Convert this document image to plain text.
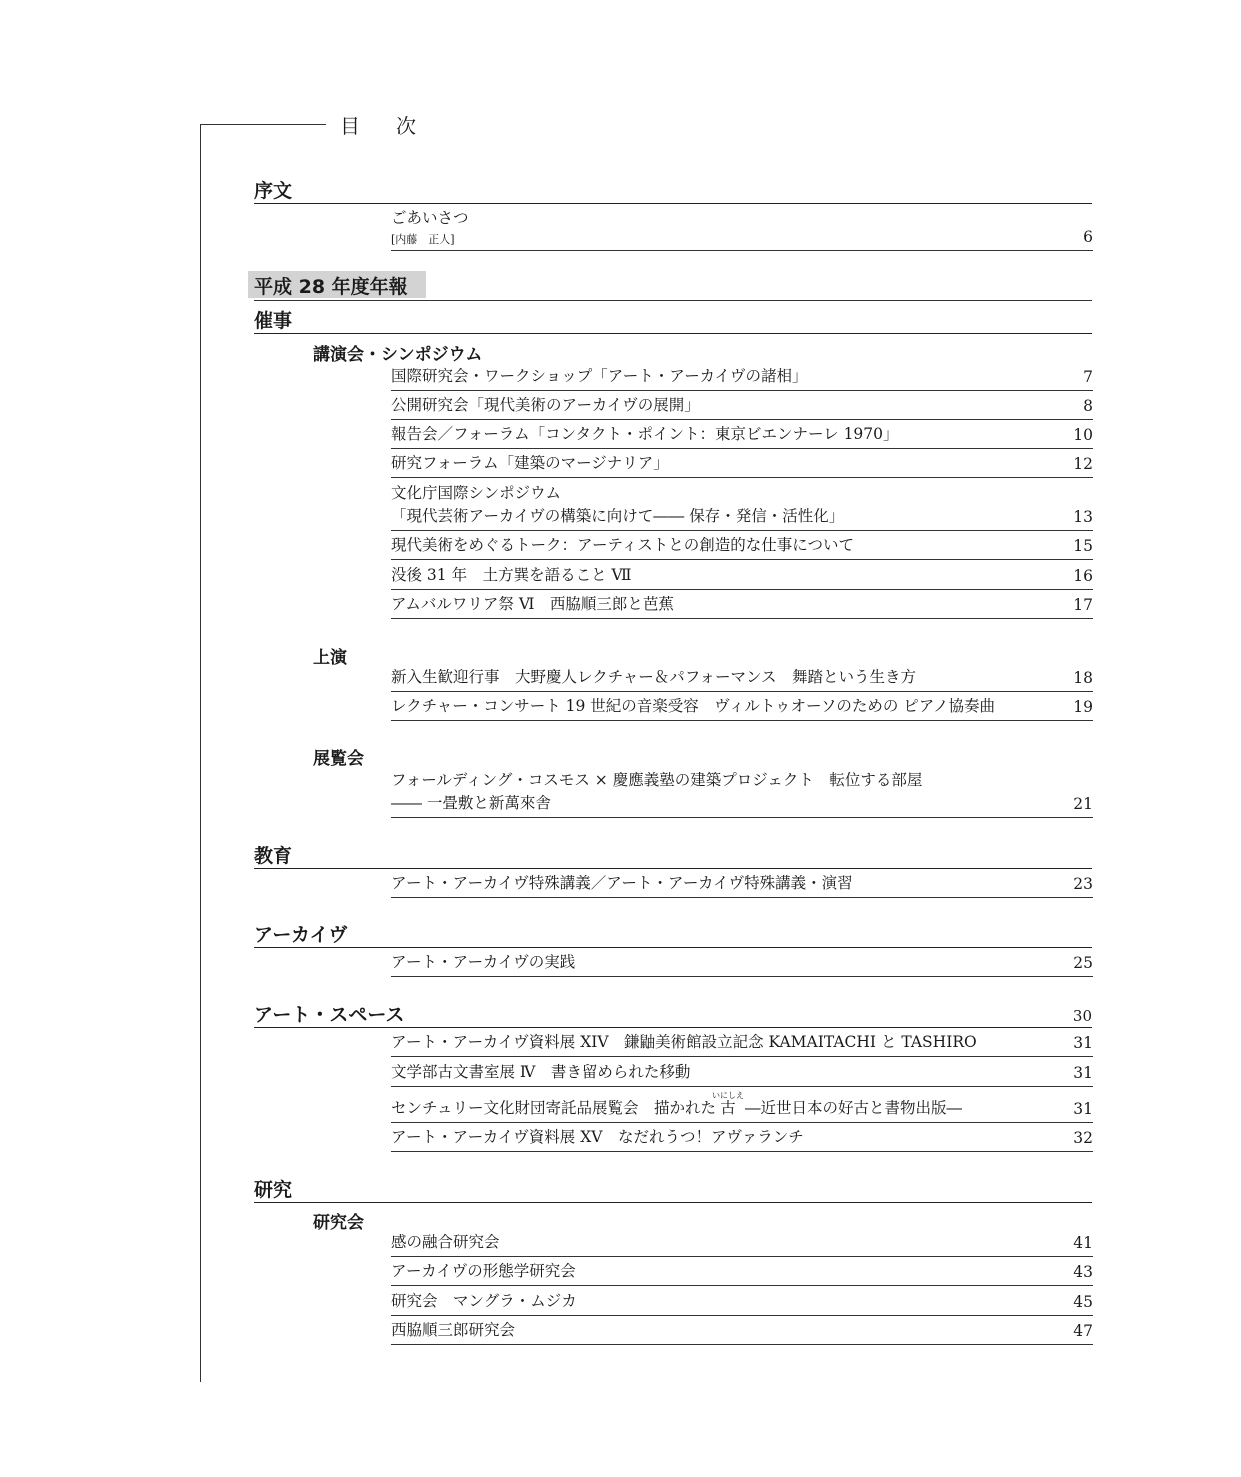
目　次
序文
ごあいさつ
[内藤　正人]	6
平成 28 年度年報
催事
講演会・シンポジウム
国際研究会・ワークショップ「アート・アーカイヴの諸相」	7
公開研究会「現代美術のアーカイヴの展開」	8
報告会／フォーラム「コンタクト・ポイント：東京ビエンナーレ 1970」	10
研究フォーラム「建築のマージナリア」	12
文化庁国際シンポジウム
「現代芸術アーカイヴの構築に向けて―― 保存・発信・活性化」	13
現代美術をめぐるトーク：アーティストとの創造的な仕事について	15
没後 31 年　土方巽を語ること Ⅶ	16
アムバルワリア祭 Ⅵ　西脇順三郎と芭蕉	17
上演
新入生歓迎行事　大野慶人レクチャー＆パフォーマンス　舞踏という生き方	18
レクチャー・コンサート 19 世紀の音楽受容　ヴィルトゥオーソのための ピアノ協奏曲	19
展覧会
フォールディング・コスモス × 慶應義塾の建築プロジェクト　転位する部屋
―― 一畳敷と新萬來舎	21
教育
アート・アーカイヴ特殊講義／アート・アーカイヴ特殊講義・演習	23
アーカイヴ
アート・アーカイヴの実践	25
アート・スペース	30
アート・アーカイヴ資料展 XIV　鎌鼬美術館設立記念 KAMAITACHI と TASHIRO	31
文学部古文書室展 Ⅳ　書き留められた移動	31
センチュリー文化財団寄託品展覧会　描かれた古いにしえ ―近世日本の好古と書物出版―	31
アート・アーカイヴ資料展 XV　なだれうつ！アヴァランチ	32
研究
研究会
感の融合研究会	41
アーカイヴの形態学研究会	43
研究会　マングラ・ムジカ	45
西脇順三郎研究会	47
